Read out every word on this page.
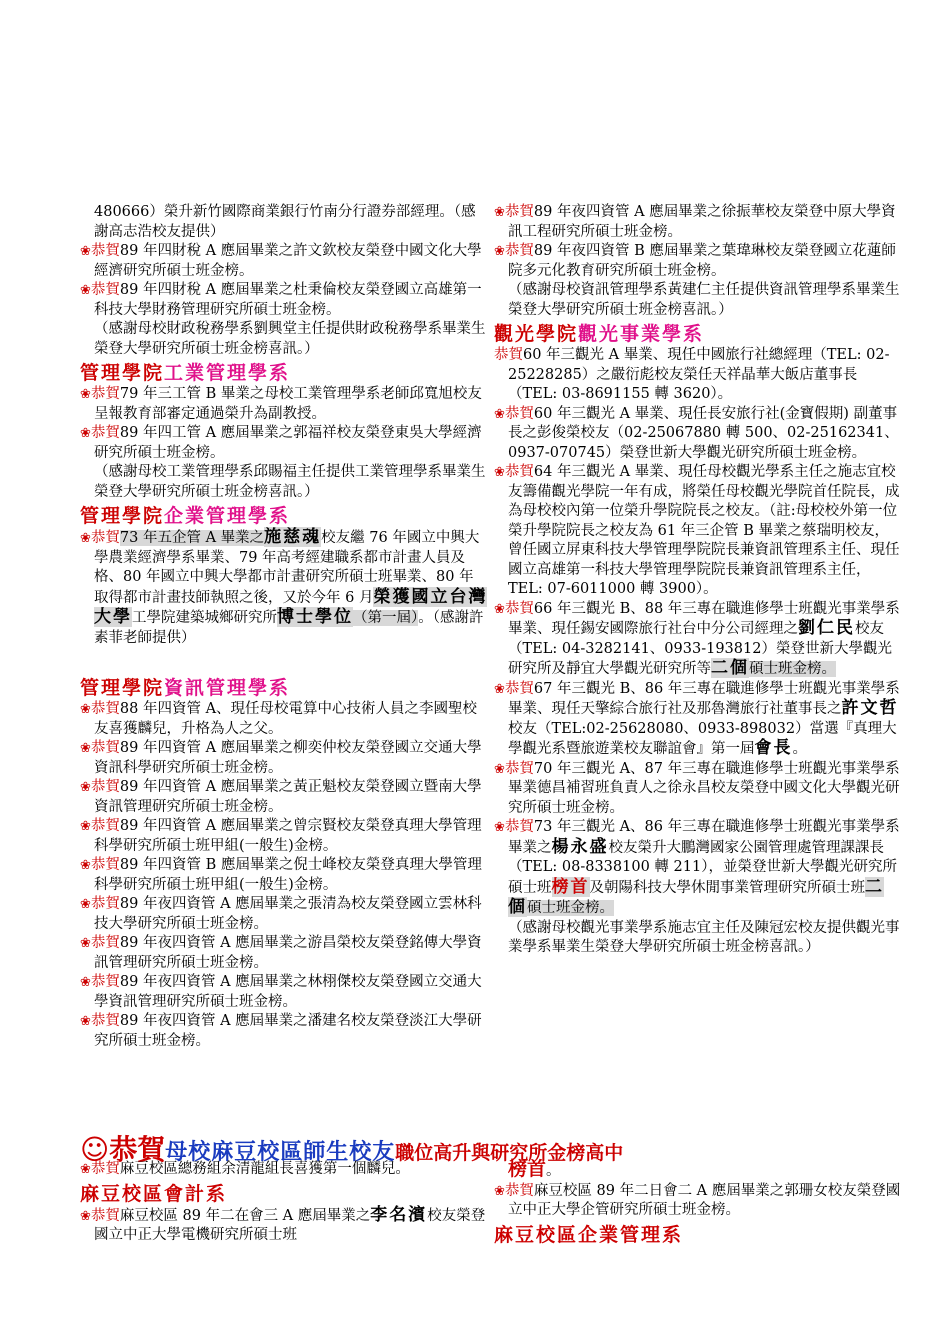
480666）榮升新竹國際商業銀行竹南分行證券部經理。（感謝高志浩校友提供）

❀恭賀89 年四財稅 A 應屆畢業之許文欽校友榮登中國文化大學經濟研究所碩士班金榜。

❀恭賀89 年四財稅 A 應屆畢業之杜秉倫校友榮登國立高雄第一科技大學財務管理研究所碩士班金榜。

（感謝母校財政稅務學系劉興堂主任提供財政稅務學系畢業生榮登大學研究所碩士班金榜喜訊。）

管理學院工業管理學系

❀恭賀79 年三工管 B 畢業之母校工業管理學系老師邱寬旭校友呈報教育部審定通過榮升為副教授。

❀恭賀89 年四工管 A 應屆畢業之郭福祥校友榮登東吳大學經濟研究所碩士班金榜。

（感謝母校工業管理學系邱賜福主任提供工業管理學系畢業生榮登大學研究所碩士班金榜喜訊。）

管理學院企業管理學系

❀恭賀73 年五企管 A 畢業之施慈魂校友繼 76 年國立中興大學農業經濟學系畢業、79 年高考經建職系都市計畫人員及格、80 年國立中興大學都市計畫研究所碩士班畢業、80 年取得都市計畫技師執照之後，又於今年 6 月榮獲國立台灣大學工學院建築城鄉研究所博士學位（第一屆）。（感謝許素菲老師提供）

管理學院資訊管理學系

❀恭賀88 年四資管 A、現任母校電算中心技術人員之李國聖校友喜獲麟兒，升格為人之父。

❀恭賀89 年四資管 A 應屆畢業之柳奕仲校友榮登國立交通大學資訊科學研究所碩士班金榜。

❀恭賀89 年四資管 A 應屆畢業之黃正魁校友榮登國立暨南大學資訊管理研究所碩士班金榜。

❀恭賀89 年四資管 A 應屆畢業之曾宗賢校友榮登真理大學管理科學研究所碩士班甲組(一般生)金榜。

❀恭賀89 年四資管 B 應屆畢業之倪士峰校友榮登真理大學管理科學研究所碩士班甲組(一般生)金榜。

❀恭賀89 年夜四資管 A 應屆畢業之張清為校友榮登國立雲林科技大學研究所碩士班金榜。

❀恭賀89 年夜四資管 A 應屆畢業之游昌榮校友榮登銘傳大學資訊管理研究所碩士班金榜。

❀恭賀89 年夜四資管 A 應屆畢業之林栩傑校友榮登國立交通大學資訊管理研究所碩士班金榜。

❀恭賀89 年夜四資管 A 應屆畢業之潘建名校友榮登淡江大學研究所碩士班金榜。

❀恭賀89 年夜四資管 A 應屆畢業之徐振華校友榮登中原大學資訊工程研究所碩士班金榜。

❀恭賀89 年夜四資管 B 應屆畢業之葉瑋琳校友榮登國立花蓮師院多元化教育研究所碩士班金榜。

（感謝母校資訊管理學系黃建仁主任提供資訊管理學系畢業生榮登大學研究所碩士班金榜喜訊。）

觀光學院觀光事業學系

恭賀60 年三觀光 A 畢業、現任中國旅行社總經理（TEL: 02-25228285）之嚴衍彪校友榮任天祥晶華大飯店董事長（TEL: 03-8691155 轉 3620）。

❀恭賀60 年三觀光 A 畢業、現任長安旅行社(金寶假期) 副董事長之彭俊榮校友（02-25067880 轉 500、02-25162341、0937-070745）榮登世新大學觀光研究所碩士班金榜。

❀恭賀64 年三觀光 A 畢業、現任母校觀光學系主任之施志宜校友籌備觀光學院一年有成，將榮任母校觀光學院首任院長，成為母校校內第一位榮升學院院長之校友。（註:母校校外第一位榮升學院院長之校友為 61 年三企管 B 畢業之蔡瑞明校友，曾任國立屏東科技大學管理學院院長兼資訊管理系主任、現任國立高雄第一科技大學管理學院院長兼資訊管理系主任，TEL: 07-6011000 轉 3900）。

❀恭賀66 年三觀光 B、88 年三專在職進修學士班觀光事業學系畢業、現任錫安國際旅行社台中分公司經理之劉仁民校友（TEL: 04-3282141、0933-193812）榮登世新大學觀光研究所及靜宜大學觀光研究所等二個碩士班金榜。

❀恭賀67 年三觀光 B、86 年三專在職進修學士班觀光事業學系畢業、現任天擎綜合旅行社及那魯灣旅行社董事長之許文哲校友（TEL:02-25628080、0933-898032）當選『真理大學觀光系暨旅遊業校友聯誼會』第一屆會長。

❀恭賀70 年三觀光 A、87 年三專在職進修學士班觀光事業學系畢業德昌補習班負責人之徐永昌校友榮登中國文化大學觀光研究所碩士班金榜。

❀恭賀73 年三觀光 A、86 年三專在職進修學士班觀光事業學系畢業之楊永盛校友榮升大鵬灣國家公園管理處管理課課長（TEL: 08-8338100 轉 211），並榮登世新大學觀光研究所碩士班榜首及朝陽科技大學休閒事業管理研究所碩士班二個碩士班金榜。

（感謝母校觀光事業學系施志宜主任及陳冠宏校友提供觀光事業學系畢業生榮登大學研究所碩士班金榜喜訊。）

☺恭賀母校麻豆校區師生校友職位高升與研究所金榜高中

❀恭賀麻豆校區總務組余清龍組長喜獲第一個麟兒。

麻豆校區會計系

❀恭賀麻豆校區 89 年二在會三 A 應屆畢業之李名濱校友榮登國立中正大學電機研究所碩士班

榜首。

❀恭賀麻豆校區 89 年二日會二 A 應屆畢業之郭珊女校友榮登國立中正大學企管研究所碩士班金榜。

麻豆校區企業管理系
